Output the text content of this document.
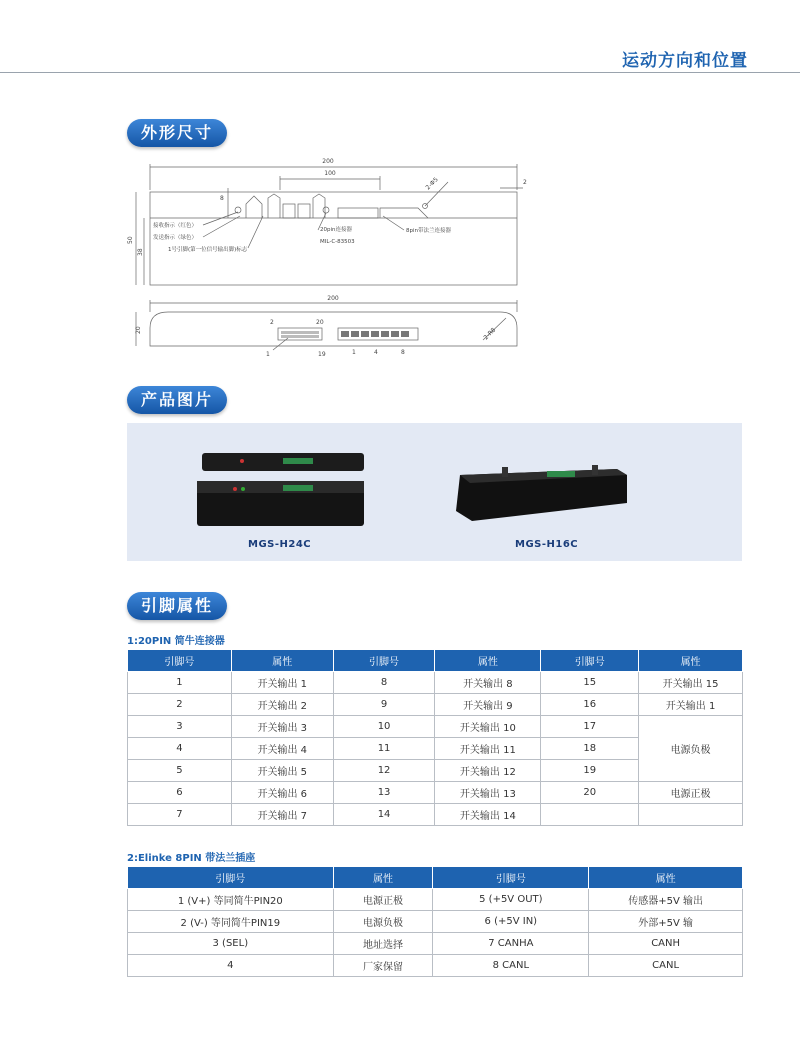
运动方向和位置
外形尺寸
200
100
2-Φ5	2
8
50
38
接收指示（红色）
发送指示（绿色）
1号引脚(第一位信号输出脚)标志
20pin连接器
MIL-C-83503
8pin带法兰连接器
200
20
2	20
1	19	1	4	8
2-R8
产品图片
MGS-H24C	MGS-H16C
引脚属性
1:20PIN 简牛连接器
引脚号	属性	引脚号	属性	引脚号	属性
1	开关输出 1	8	开关输出 8	15	开关输出 15
2	开关输出 2	9	开关输出 9	16	开关输出 1
3	开关输出 3	10	开关输出 10	17	电源负极
4	开关输出 4	11	开关输出 11	18	
5	开关输出 5	12	开关输出 12	19	
6	开关输出 6	13	开关输出 13	20	电源正极
7	开关输出 7	14	开关输出 14		
2:Elinke 8PIN 带法兰插座
引脚号	属性	引脚号	属性
1 (V+) 等同简牛PIN20	电源正极	5 (+5V OUT)	传感器+5V 输出
2 (V-) 等同简牛PIN19	电源负极	6 (+5V IN)	外部+5V 输
3 (SEL)	地址选择	7 CANHA	CANH
4	厂家保留	8 CANL	CANL
